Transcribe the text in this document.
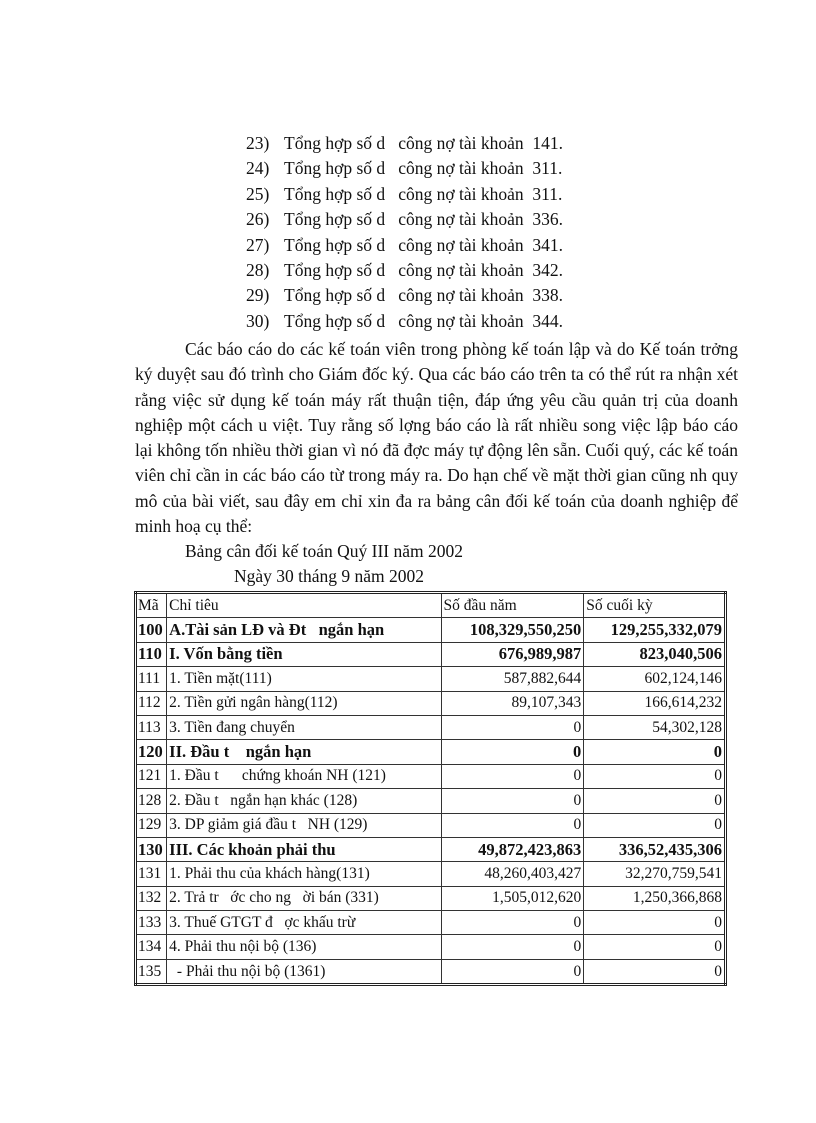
23) Tổng hợp số d   công nợ tài khoản  141.
24) Tổng hợp số d   công nợ tài khoản  311.
25) Tổng hợp số d   công nợ tài khoản  311.
26) Tổng hợp số d   công nợ tài khoản  336.
27) Tổng hợp số d   công nợ tài khoản  341.
28) Tổng hợp số d   công nợ tài khoản  342.
29) Tổng hợp số d   công nợ tài khoản  338.
30) Tổng hợp số d   công nợ tài khoản  344.

Các báo cáo do các kế toán viên trong phòng kế toán lập và do Kế toán trởng ký duyệt sau đó trình cho Giám đốc ký. Qua các báo cáo trên ta có thể rút ra nhận xét rằng việc sử dụng kế toán máy rất thuận tiện, đáp ứng yêu cầu quản trị của doanh nghiệp một cách u việt. Tuy rằng số lợng báo cáo là rất nhiều song việc lập báo cáo lại không tốn nhiều thời gian vì nó đã đợc máy tự động lên sẵn. Cuối quý, các kế toán viên chỉ cần in các báo cáo từ trong máy ra. Do hạn chế về mặt thời gian cũng nh quy mô của bài viết, sau đây em chỉ xin đa ra bảng cân đối kế toán của doanh nghiệp để minh hoạ cụ thể:

Bảng cân đối kế toán Quý III năm 2002
Ngày 30 tháng 9 năm 2002
Mã	Chỉ tiêu	Số đầu năm	Số cuối kỳ
100	A.Tài sản LĐ và Đt   ngắn hạn	108,329,550,250	129,255,332,079
110	I. Vốn bằng tiền	676,989,987	823,040,506
111	1. Tiền mặt(111)	587,882,644	602,124,146
112	2. Tiền gửi ngân hàng(112)	89,107,343	166,614,232
113	3. Tiền đang chuyển	0	54,302,128
120	II. Đầu t    ngắn hạn	0	0
121	1. Đầu t      chứng khoán NH (121)	0	0
128	2. Đầu t   ngắn hạn khác (128)	0	0
129	3. DP giảm giá đầu t   NH (129)	0	0
130	III. Các khoản phải thu	49,872,423,863	336,52,435,306
131	1. Phải thu của khách hàng(131)	48,260,403,427	32,270,759,541
132	2. Trả tr   ớc cho ng   ời bán (331)	1,505,012,620	1,250,366,868
133	3. Thuế GTGT đ   ợc khấu trừ	0	0
134	4. Phải thu nội bộ (136)	0	0
135	- Phải thu nội bộ (1361)	0	0
